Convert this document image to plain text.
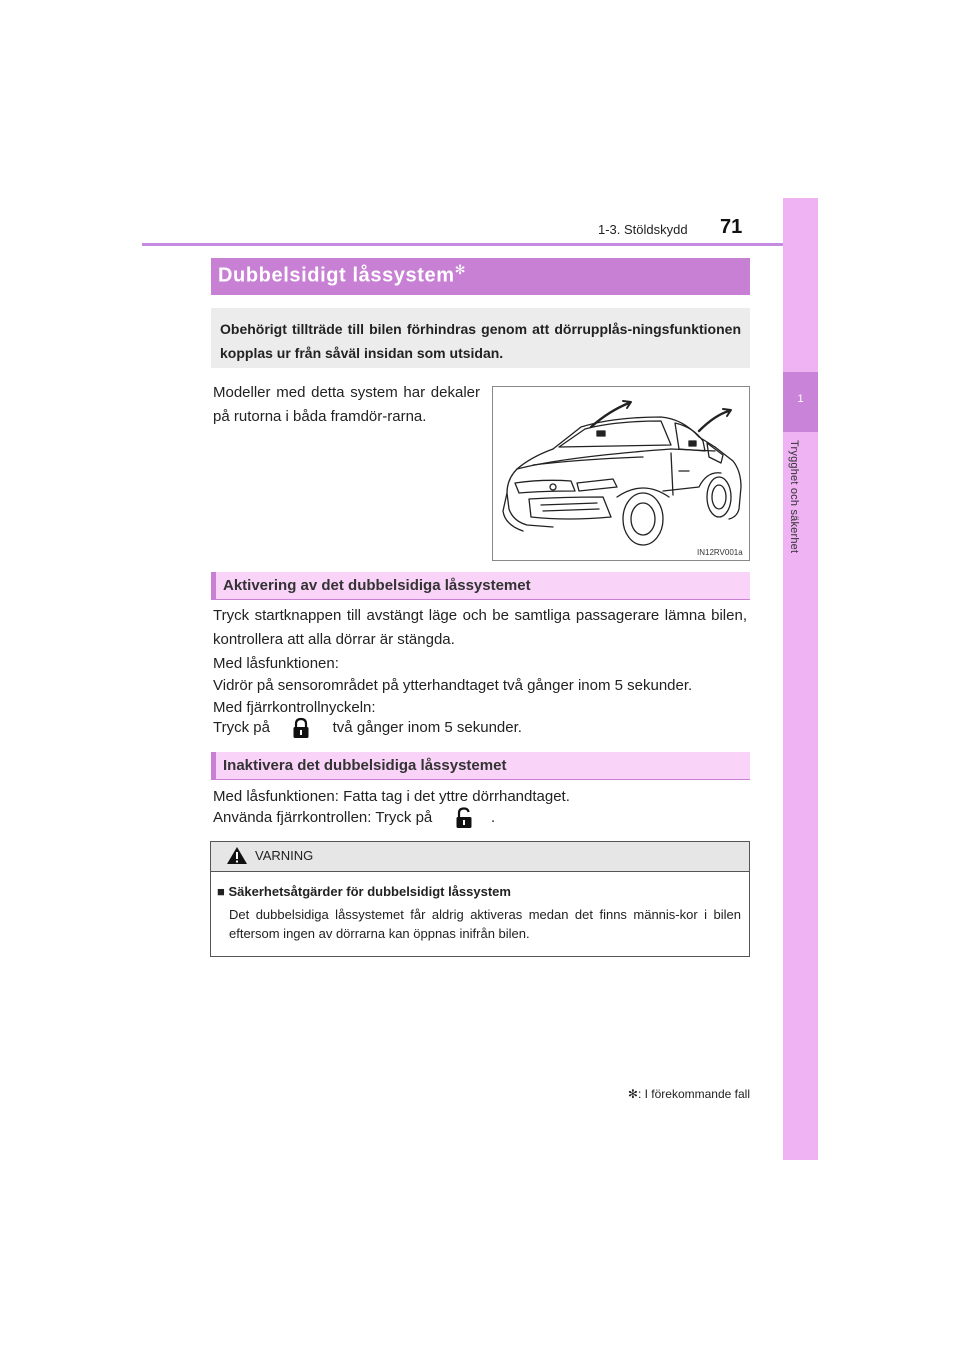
1-3. Stöldskydd 71
1
Trygghet och säkerhet
Dubbelsidigt låssystem✻
Obehörigt tillträde till bilen förhindras genom att dörrupplås-ningsfunktionen kopplas ur från såväl insidan som utsidan.
Modeller med detta system har dekaler på rutorna i båda framdör-rarna.
IN12RV001a
Aktivering av det dubbelsidiga låssystemet
Tryck startknappen till avstängt läge och be samtliga passagerare lämna bilen, kontrollera att alla dörrar är stängda.
Med låsfunktionen:
Vidrör på sensorområdet på ytterhandtaget två gånger inom 5 sekunder.
Med fjärrkontrollnyckeln:
Tryck på	två gånger inom 5 sekunder.
Inaktivera det dubbelsidiga låssystemet
Med låsfunktionen: Fatta tag i det yttre dörrhandtaget.
Använda fjärrkontrollen: Tryck på	.
VARNING
■ Säkerhetsåtgärder för dubbelsidigt låssystem
Det dubbelsidiga låssystemet får aldrig aktiveras medan det finns männis-kor i bilen eftersom ingen av dörrarna kan öppnas inifrån bilen.
✻: I förekommande fall
